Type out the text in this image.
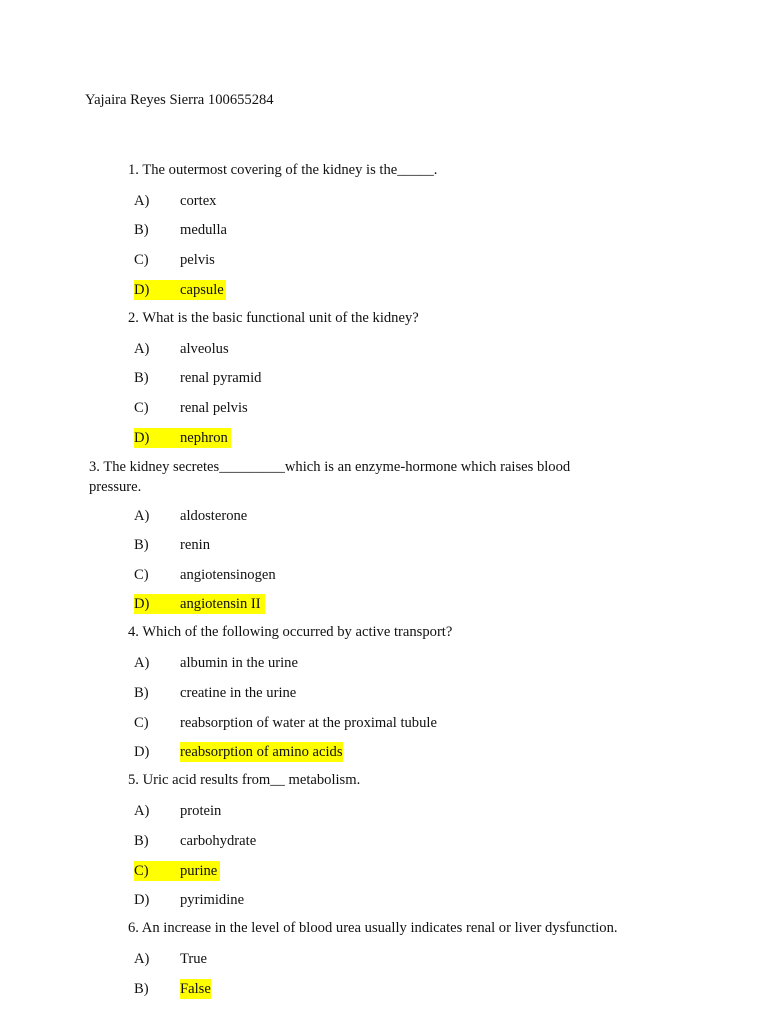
Yajaira Reyes Sierra 100655284
1. The outermost covering of the kidney is the_____.
A) cortex
B) medulla
C) pelvis
D) capsule
2. What is the basic functional unit of the kidney?
A) alveolus
B) renal pyramid
C) renal pelvis
D) nephron
3. The kidney secretes_________which is an enzyme-hormone which raises blood pressure.
A) aldosterone
B) renin
C) angiotensinogen
D) angiotensin II
4. Which of the following occurred by active transport?
A) albumin in the urine
B) creatine in the urine
C) reabsorption of water at the proximal tubule
D) reabsorption of amino acids
5. Uric acid results from__ metabolism.
A) protein
B) carbohydrate
C) purine
D) pyrimidine
6. An increase in the level of blood urea usually indicates renal or liver dysfunction.
A) True
B) False
